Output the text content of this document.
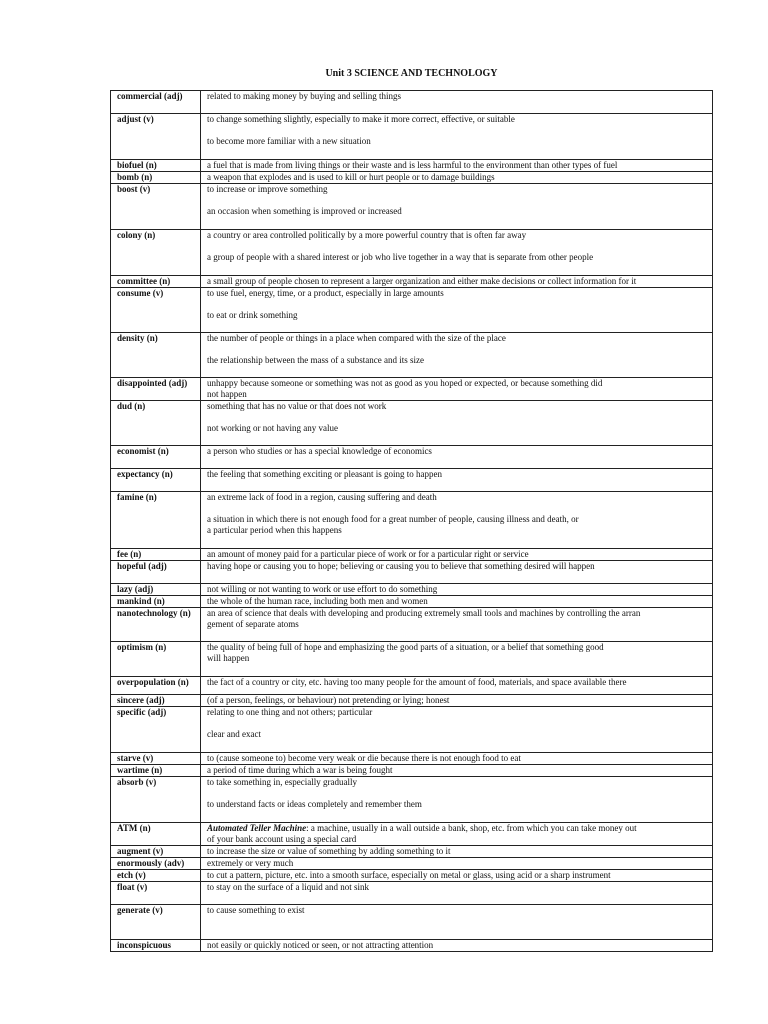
Unit 3 SCIENCE AND TECHNOLOGY
commercial (adj)	related to making money by buying and selling things
adjust (v)	to change something slightly, especially to make it more correct, effective, or suitable

to become more familiar with a new situation
biofuel (n)	a fuel that is made from living things or their waste and is less harmful to the environment than other types of fuel
bomb (n)	a weapon that explodes and is used to kill or hurt people or to damage buildings
boost (v)	to increase or improve something

an occasion when something is improved or increased
colony (n)	a country or area controlled politically by a more powerful country that is often far away

a group of people with a shared interest or job who live together in a way that is separate from other people
committee (n)	a small group of people chosen to represent a larger organization and either make decisions or collect information for it
consume (v)	to use fuel, energy, time, or a product, especially in large amounts

to eat or drink something
density (n)	the number of people or things in a place when compared with the size of the place

the relationship between the mass of a substance and its size
disappointed (adj)	unhappy because someone or something was not as good as you hoped or expected, or because something did
not happen
dud (n)	something that has no value or that does not work

not working or not having any value
economist (n)	a person who studies or has a special knowledge of economics
expectancy (n)	the feeling that something exciting or pleasant is going to happen
famine (n)	an extreme lack of food in a region, causing suffering and death

a situation in which there is not enough food for a great number of people, causing illness and death, or
a particular period when this happens
fee (n)	an amount of money paid for a particular piece of work or for a particular right or service
hopeful (adj)	having hope or causing you to hope; believing or causing you to believe that something desired will happen
lazy (adj)	not willing or not wanting to work or use effort to do something
mankind (n)	the whole of the human race, including both men and women
nanotechnology (n)	an area of science that deals with developing and producing extremely small tools and machines by controlling the arran
gement of separate atoms
optimism (n)	the quality of being full of hope and emphasizing the good parts of a situation, or a belief that something good
will happen
overpopulation (n)	the fact of a country or city, etc. having too many people for the amount of food, materials, and space available there
sincere (adj)	(of a person, feelings, or behaviour) not pretending or lying; honest
specific (adj)	relating to one thing and not others; particular

clear and exact
starve (v)	to (cause someone to) become very weak or die because there is not enough food to eat
wartime (n)	a period of time during which a war is being fought
absorb (v)	to take something in, especially gradually

to understand facts or ideas completely and remember them
ATM (n)	Automated Teller Machine: a machine, usually in a wall outside a bank, shop, etc. from which you can take money out
of your bank account using a special card
augment (v)	to increase the size or value of something by adding something to it
enormously (adv)	extremely or very much
etch (v)	to cut a pattern, picture, etc. into a smooth surface, especially on metal or glass, using acid or a sharp instrument
float (v)	to stay on the surface of a liquid and not sink
generate (v)	to cause something to exist
inconspicuous	not easily or quickly noticed or seen, or not attracting attention
